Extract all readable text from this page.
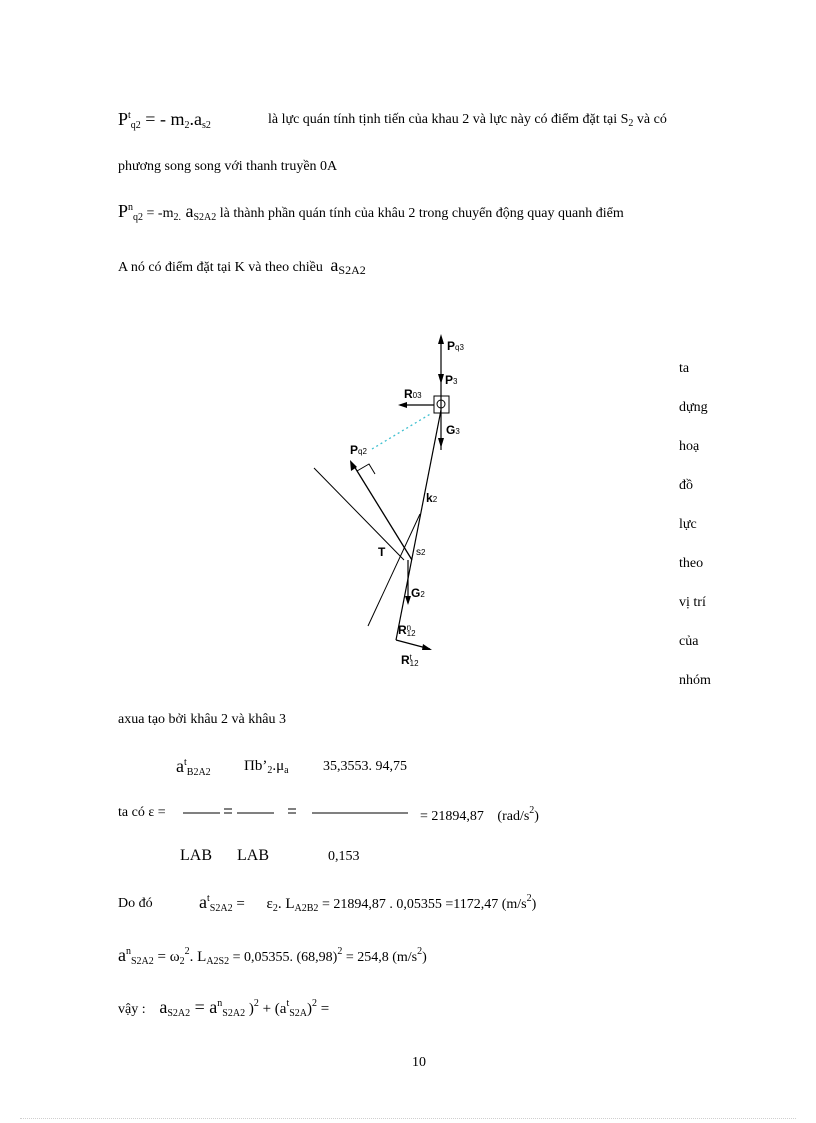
$P^t_{q2}$ = - $m_2.a_{s2}$	là lực quán tính tịnh tiến của khau 2 và lực này có điểm đặt tại $S_2$ và có
phương song song với thanh truyền 0A
$P^n_{q2} = -m_{2.}$ $a_{S2A2}$ là thành phần quán tính của khâu 2 trong chuyển động quay quanh điểm
A nó có điểm đặt tại K và theo chiều aS2A2
Pq3
P3
R03
G3
Pq2
k2
T	s2
G2
Rn
12
Rt
12
ta
dựng
hoạ
đồ
lực
theo
vị trí
của
nhóm
axua tạo bởi khâu 2 và khâu 3
$a^t_{B2A2}$ $\Pi b’_2.\mu_a$ 35,3553. 94,75
ta có ε =	= 21894,87 $(rad/s^2)$
LAB LAB	0,153
Do đó	$a^t_{S2A2} = \varepsilon_2$. $L_{A2B2} = 21894,87$ . 0,05355 =1172,47 $(m/s^2)$
$a^n_{S2A2} = \omega_2^2$. $L_{A2S2} = 0,05355$. $(68,98)^2 = 254,8$ $(m/s^2)$
vậy : $a_{S2A2} = a^n_{S2A2}$ )$^2 + (a^t_{S2A})^2$ =
10
